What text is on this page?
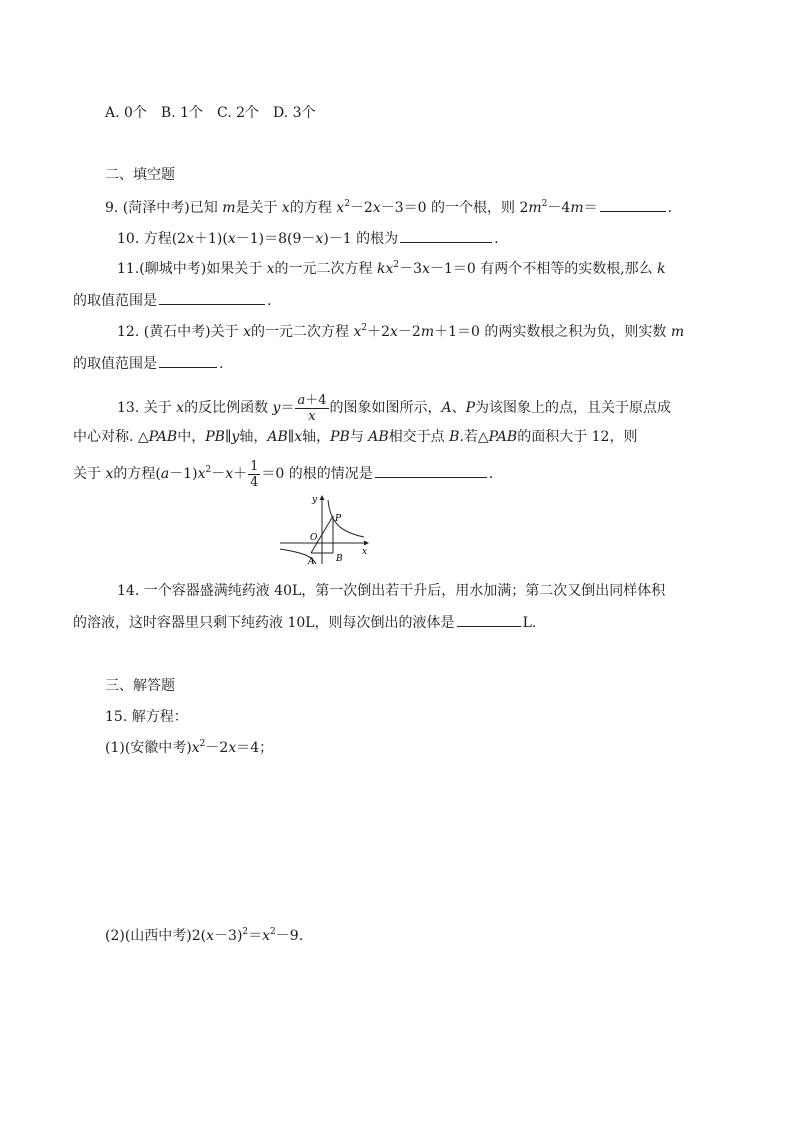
A. 0个　B. 1个　C. 2个　D. 3个
二、填空题
9. (菏泽中考)已知 m是关于 x的方程 $x^2-2x-3=0$ 的一个根，则 $2m^2-4m=$	.
10. 方程(2x＋1)(x－1)＝8(9－x)－1 的根为	.
11.(聊城中考)如果关于 x的一元二次方程 $kx^2-3x-1=0$ 有两个不相等的实数根,那么 k
的取值范围是	.
12. (黄石中考)关于 x的一元二次方程 $x^2+2x-2m+1=0$ 的两实数根之积为负，则实数 m
的取值范围是	.
13. 关于 x的反比例函数 $y= \frac{a+4}{x}$ 的图象如图所示，A、P为该图象上的点，且关于原点成
中心对称. △PAB中，PB∥y轴，AB∥x轴，PB与 AB相交于点 B.若△PAB的面积大于 12，则
关于 x的方程$(a-1)x^2-x+ \frac{1}{4} =0$ 的根的情况是	.
y
x
O
P
A B
14. 一个容器盛满纯药液 40L，第一次倒出若干升后，用水加满；第二次又倒出同样体积
的溶液，这时容器里只剩下纯药液 10L，则每次倒出的液体是	L.
三、解答题
15. 解方程：
(1)(安徽中考)$x^2-2x=4$；
(2)(山西中考)$2(x-3)^2=x^2-9$.
